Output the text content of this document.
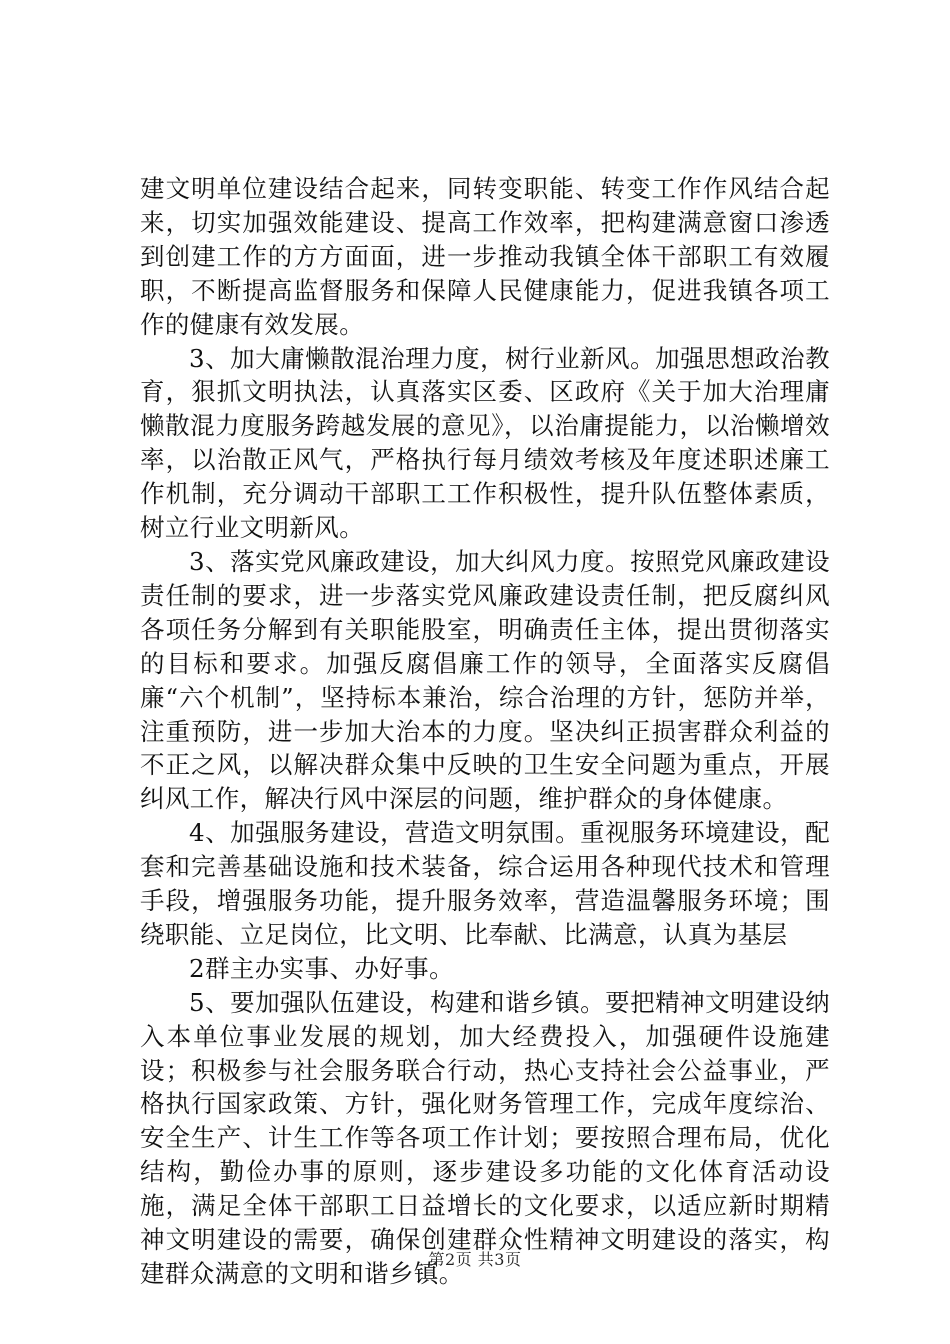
建文明单位建设结合起来，同转变职能、转变工作作风结合起来，切实加强效能建设、提高工作效率，把构建满意窗口渗透到创建工作的方方面面，进一步推动我镇全体干部职工有效履职，不断提高监督服务和保障人民健康能力，促进我镇各项工作的健康有效发展。

3、加大庸懒散混治理力度，树行业新风。加强思想政治教育，狠抓文明执法，认真落实区委、区政府《关于加大治理庸懒散混力度服务跨越发展的意见》，以治庸提能力，以治懒增效率，以治散正风气，严格执行每月绩效考核及年度述职述廉工作机制，充分调动干部职工工作积极性，提升队伍整体素质，树立行业文明新风。

3、落实党风廉政建设，加大纠风力度。按照党风廉政建设责任制的要求，进一步落实党风廉政建设责任制，把反腐纠风各项任务分解到有关职能股室，明确责任主体，提出贯彻落实的目标和要求。加强反腐倡廉工作的领导，全面落实反腐倡廉“六个机制”，坚持标本兼治，综合治理的方针，惩防并举，注重预防，进一步加大治本的力度。坚决纠正损害群众利益的不正之风，以解决群众集中反映的卫生安全问题为重点，开展纠风工作，解决行风中深层的问题，维护群众的身体健康。

4、加强服务建设，营造文明氛围。重视服务环境建设，配套和完善基础设施和技术装备，综合运用各种现代技术和管理手段，增强服务功能，提升服务效率，营造温馨服务环境；围绕职能、立足岗位，比文明、比奉献、比满意，认真为基层

2群主办实事、办好事。

5、要加强队伍建设，构建和谐乡镇。要把精神文明建设纳入本单位事业发展的规划，加大经费投入，加强硬件设施建设；积极参与社会服务联合行动，热心支持社会公益事业，严格执行国家政策、方针，强化财务管理工作，完成年度综治、安全生产、计生工作等各项工作计划；要按照合理布局，优化结构，勤俭办事的原则，逐步建设多功能的文化体育活动设施，满足全体干部职工日益增长的文化要求，以适应新时期精神文明建设的需要，确保创建群众性精神文明建设的落实，构建群众满意的文明和谐乡镇。

第2页 共3页
